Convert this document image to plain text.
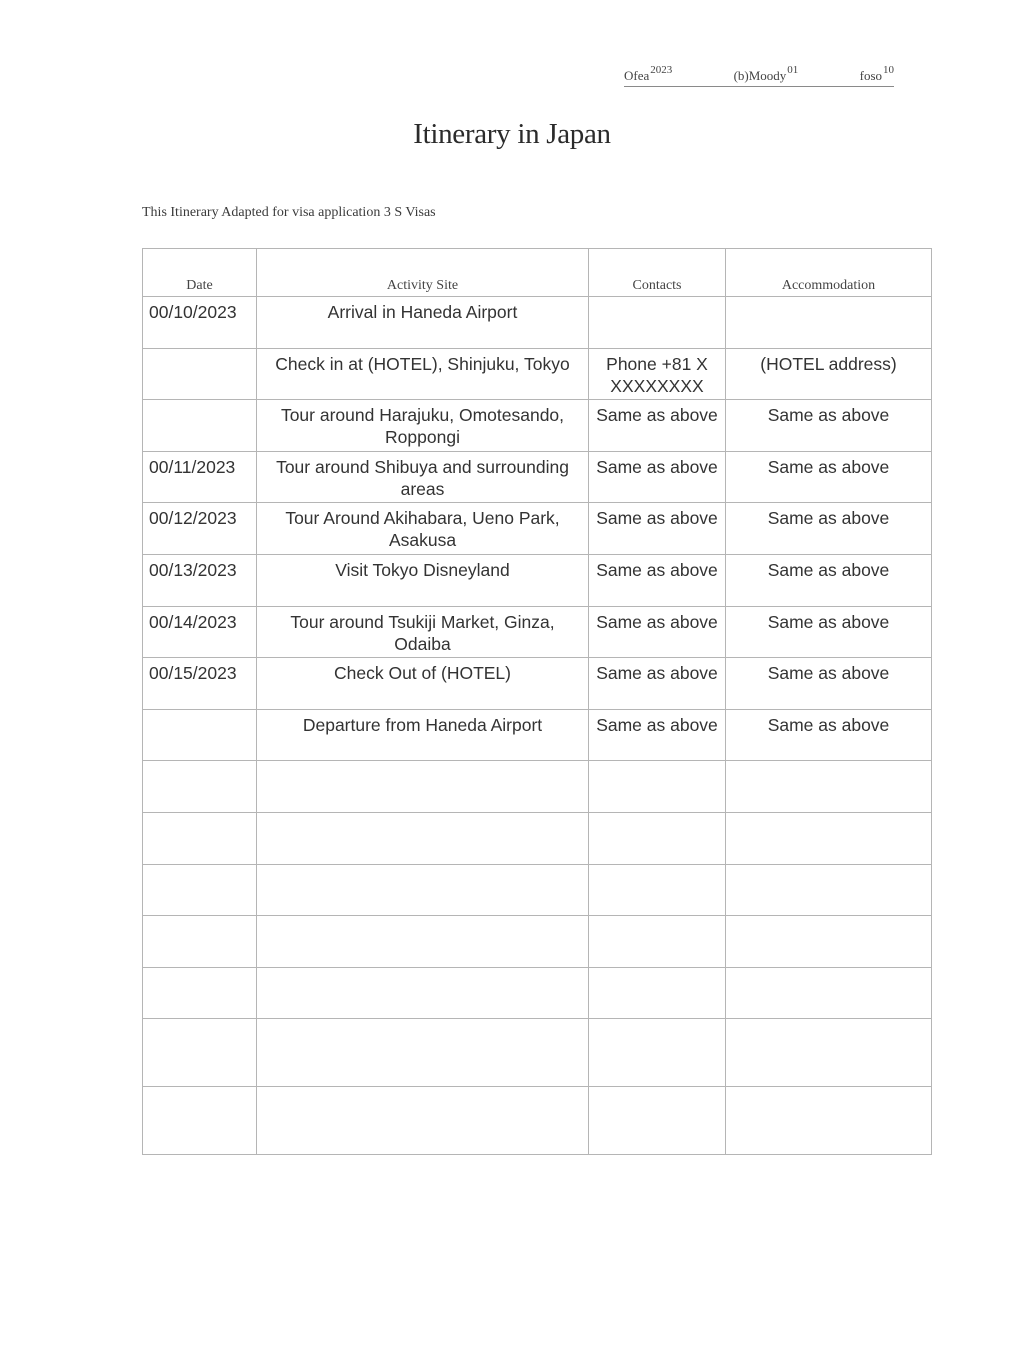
Ofea$^{2023}$	(b)Moody$^{01}$	foso$^{10}$
Itinerary in Japan
This Itinerary Adapted for visa application 3 S Visas
Date	Activity Site	Contacts	Accommodation
00/10/2023	Arrival in Haneda Airport		
	Check in at (HOTEL), Shinjuku, Tokyo	Phone +81 X XXXXXXXX	(HOTEL address)
	Tour around Harajuku, Omotesando, Roppongi	Same as above	Same as above
00/11/2023	Tour around Shibuya and surrounding areas	Same as above	Same as above
00/12/2023	Tour Around Akihabara, Ueno Park, Asakusa	Same as above	Same as above
00/13/2023	Visit Tokyo Disneyland	Same as above	Same as above
00/14/2023	Tour around Tsukiji Market, Ginza, Odaiba	Same as above	Same as above
00/15/2023	Check Out of (HOTEL)	Same as above	Same as above
	Departure from Haneda Airport	Same as above	Same as above
